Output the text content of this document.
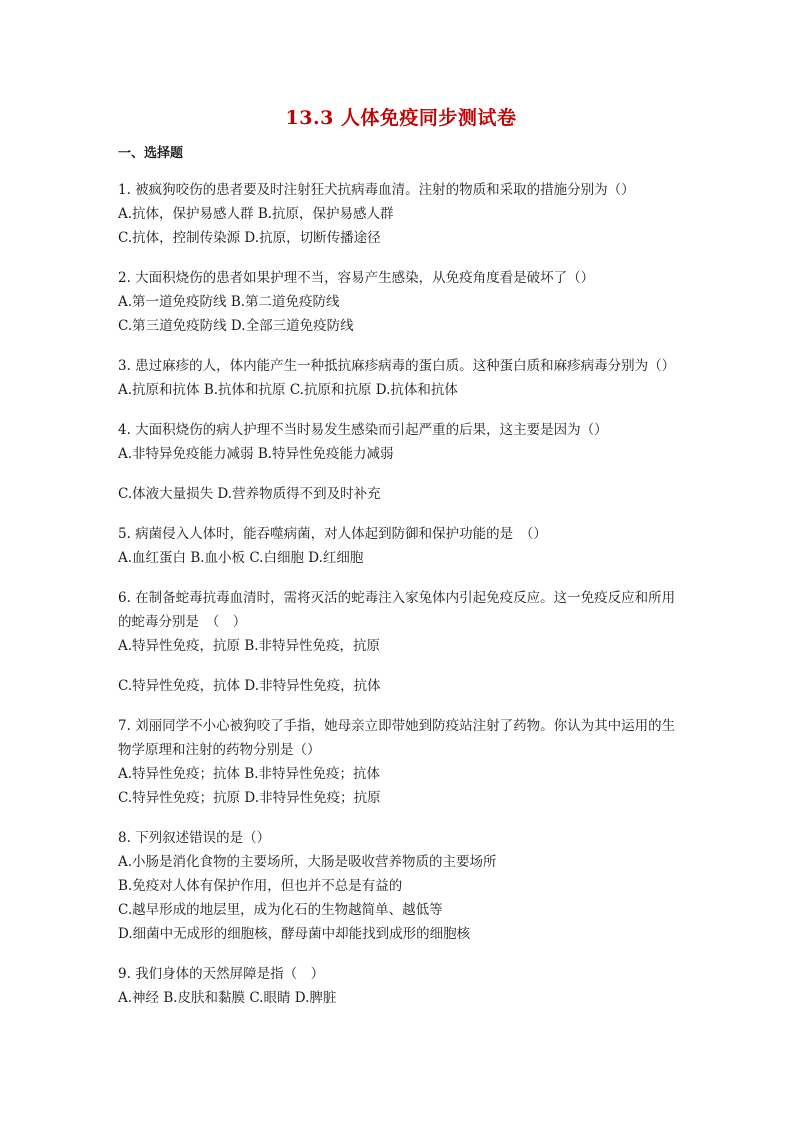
13.3 人体免疫同步测试卷
一、选择题
1. 被疯狗咬伤的患者要及时注射狂犬抗病毒血清。注射的物质和采取的措施分别为（）
A.抗体，保护易感人群 B.抗原，保护易感人群
C.抗体，控制传染源 D.抗原，切断传播途径
2. 大面积烧伤的患者如果护理不当，容易产生感染，从免疫角度看是破坏了（）
A.第一道免疫防线 B.第二道免疫防线
C.第三道免疫防线 D.全部三道免疫防线
3. 患过麻疹的人，体内能产生一种抵抗麻疹病毒的蛋白质。这种蛋白质和麻疹病毒分别为（）
A.抗原和抗体 B.抗体和抗原 C.抗原和抗原 D.抗体和抗体
4. 大面积烧伤的病人护理不当时易发生感染而引起严重的后果，这主要是因为（）
A.非特异免疫能力减弱 B.特异性免疫能力减弱
C.体液大量损失 D.营养物质得不到及时补充
5. 病菌侵入人体时，能吞噬病菌，对人体起到防御和保护功能的是　（）
A.血红蛋白 B.血小板 C.白细胞 D.红细胞
6. 在制备蛇毒抗毒血清时，需将灭活的蛇毒注入家兔体内引起免疫反应。这一免疫反应和所用的蛇毒分别是　（　）
A.特异性免疫，抗原 B.非特异性免疫，抗原
C.特异性免疫，抗体 D.非特异性免疫，抗体
7. 刘丽同学不小心被狗咬了手指，她母亲立即带她到防疫站注射了药物。你认为其中运用的生物学原理和注射的药物分别是（）
A.特异性免疫；抗体 B.非特异性免疫；抗体
C.特异性免疫；抗原 D.非特异性免疫；抗原
8. 下列叙述错误的是（）
A.小肠是消化食物的主要场所，大肠是吸收营养物质的主要场所
B.免疫对人体有保护作用，但也并不总是有益的
C.越早形成的地层里，成为化石的生物越简单、越低等
D.细菌中无成形的细胞核，酵母菌中却能找到成形的细胞核
9. 我们身体的天然屏障是指（　）
A.神经 B.皮肤和黏膜 C.眼睛 D.脾脏
